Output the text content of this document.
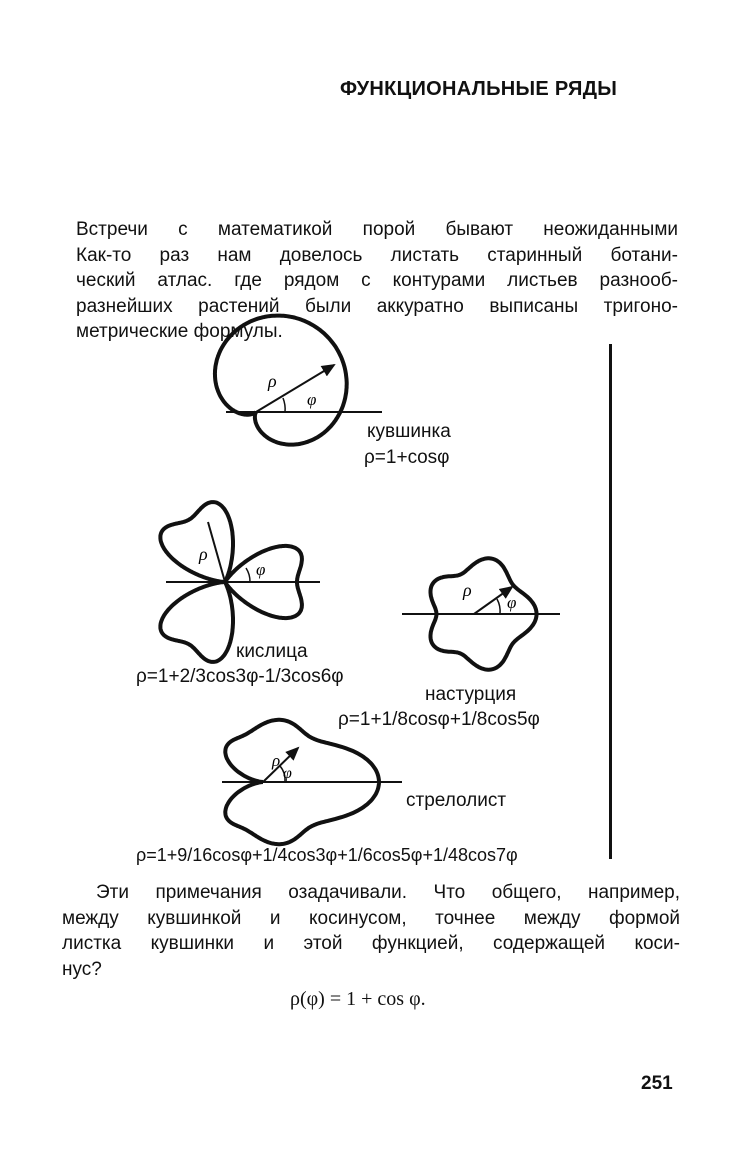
ФУНКЦИОНАЛЬНЫЕ РЯДЫ
Встречи с математикой порой бывают неожиданными
Как-то раз нам довелось листать старинный ботани-
ческий атлас. где рядом с контурами листьев разнооб-
разнейших растений были аккуратно выписаны тригоно-
метрические формулы.
ρ
φ
ρ
φ
ρ
φ
ρ
φ
кувшинка
ρ=1+cosφ
кислица
ρ=1+2/3cos3φ-1/3cos6φ
настурция
ρ=1+1/8cosφ+1/8cos5φ
стрелолист
ρ=1+9/16cosφ+1/4cos3φ+1/6cos5φ+1/48cos7φ
Эти примечания озадачивали. Что общего, например,
между кувшинкой и косинусом, точнее между формой
листка кувшинки и этой функцией, содержащей коси-
нус?
ρ(φ) = 1 + cos φ.
251
